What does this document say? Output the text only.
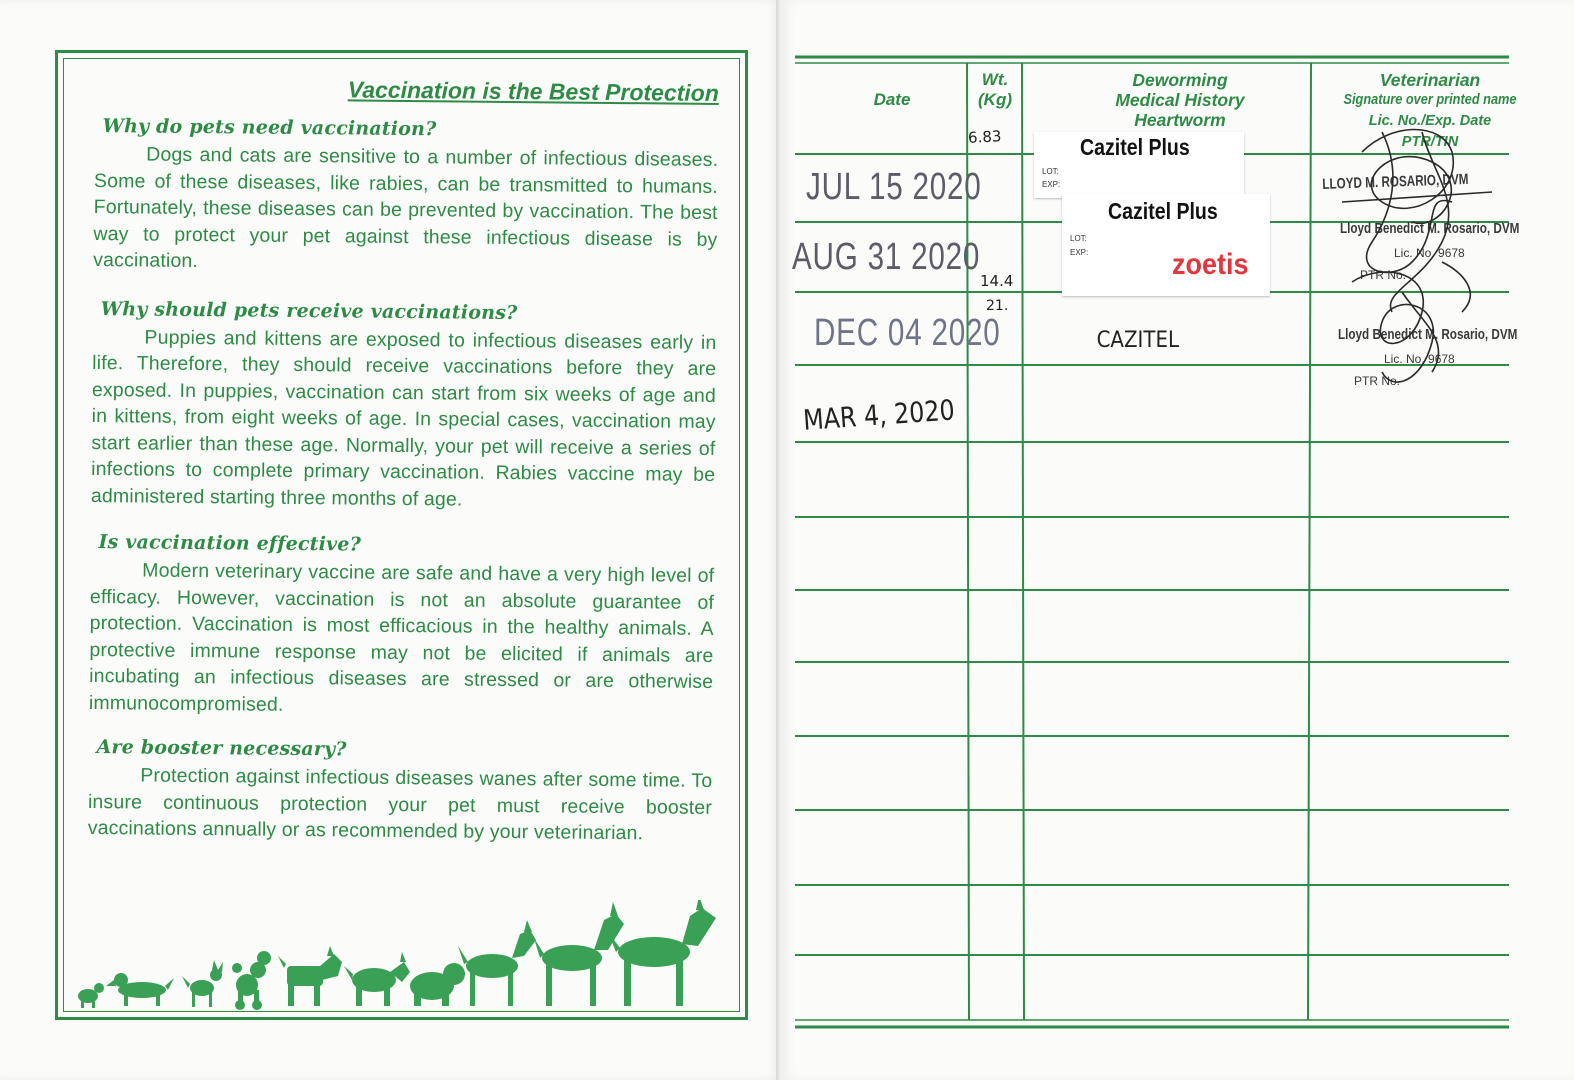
Vaccination is the Best Protection
Why do pets need vaccination?

Dogs and cats are sensitive to a number of infectious diseases. Some of these diseases, like rabies, can be transmitted to humans. Fortunately, these diseases can be prevented by vaccination. The best way to protect your pet against these infectious disease is by vaccination.

Why should pets receive vaccinations?

Puppies and kittens are exposed to infectious diseases early in life. Therefore, they should receive vaccinations before they are exposed. In puppies, vaccination can start from six weeks of age and in kittens, from eight weeks of age. In special cases, vaccination may start earlier than these age. Normally, your pet will receive a series of infections to complete primary vaccination. Rabies vaccine may be administered starting three months of age.

Is vaccination effective?

Modern veterinary vaccine are safe and have a very high level of efficacy. However, vaccination is not an absolute guarantee of protection. Vaccination is most efficacious in the healthy animals. A protective immune response may not be elicited if animals are incubating an infectious diseases are stressed or are otherwise immunocompromised.

Are booster necessary?

Protection against infectious diseases wanes after some time. To insure continuous protection your pet must receive booster vaccinations annually or as recommended by your veterinarian.

Date
Wt.
(Kg)
Deworming
Medical History
Heartworm
Veterinarian
Signature over printed name
Lic. No./Exp. Date
PTR/TIN
JUL 15 2020
6.83	Cazitel Plus
LOT:
EXP:
AUG 31 2020
14.4
Cazitel Plus
LOT:
EXP:	zoetis
DEC 04 2020
21.
CAZITEL
MAR 4, 2020
LLOYD M. ROSARIO, DVM
Lloyd Benedict M. Rosario, DVM
Lic. No. 9678
PTR No.
Lloyd Benedict M. Rosario, DVM
Lic. No. 9678
PTR No.
